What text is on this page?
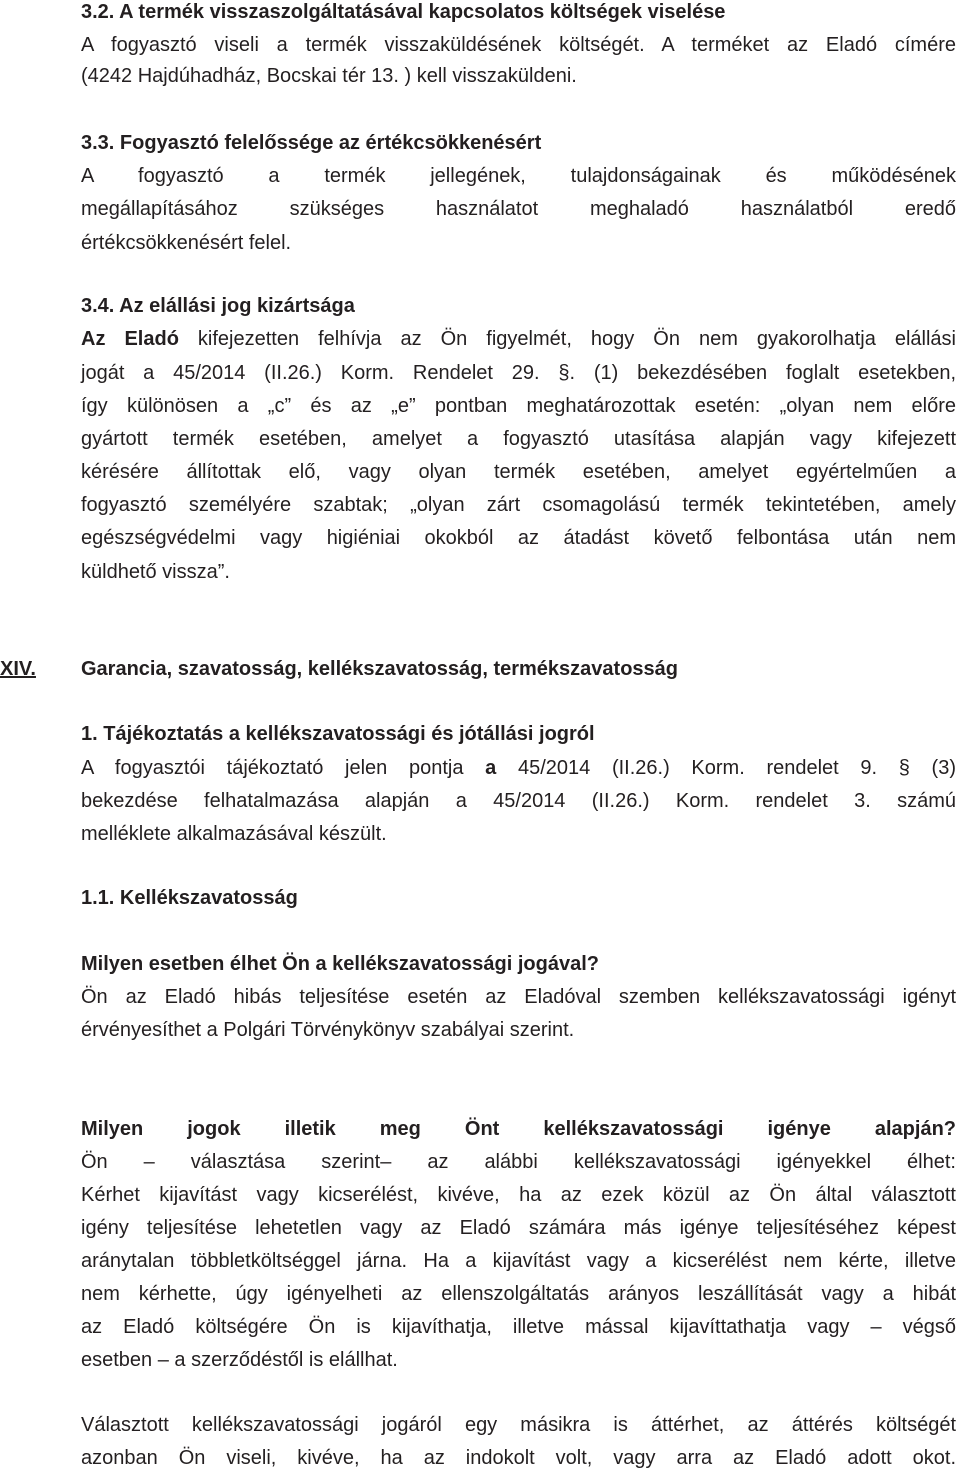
3.2. A termék visszaszolgáltatásával kapcsolatos költségek viselése
A fogyasztó viseli a termék visszaküldésének költségét. A terméket az Eladó címére
(4242 Hajdúhadház, Bocskai tér 13. ) kell visszaküldeni.
3.3. Fogyasztó felelőssége az értékcsökkenésért
A fogyasztó a termék jellegének, tulajdonságainak és működésének
megállapításához szükséges használatot meghaladó használatból eredő
értékcsökkenésért felel.
3.4. Az elállási jog kizártsága
Az Eladó kifejezetten felhívja az Ön figyelmét, hogy Ön nem gyakorolhatja elállási
jogát a 45/2014 (II.26.) Korm. Rendelet 29. §. (1) bekezdésében foglalt esetekben,
így különösen a „c” és az „e” pontban meghatározottak esetén: „olyan nem előre
gyártott termék esetében, amelyet a fogyasztó utasítása alapján vagy kifejezett
kérésére állítottak elő, vagy olyan termék esetében, amelyet egyértelműen a
fogyasztó személyére szabtak; „olyan zárt csomagolású termék tekintetében, amely
egészségvédelmi vagy higiéniai okokból az átadást követő felbontása után nem
küldhető vissza”.
XIV. Garancia, szavatosság, kellékszavatosság, termékszavatosság
1. Tájékoztatás a kellékszavatossági és jótállási jogról
A fogyasztói tájékoztató jelen pontja a 45/2014 (II.26.) Korm. rendelet 9. § (3)
bekezdése felhatalmazása alapján a 45/2014 (II.26.) Korm. rendelet 3. számú
melléklete alkalmazásával készült.
1.1. Kellékszavatosság
Milyen esetben élhet Ön a kellékszavatossági jogával?
Ön az Eladó hibás teljesítése esetén az Eladóval szemben kellékszavatossági igényt
érvényesíthet a Polgári Törvénykönyv szabályai szerint.
Milyen jogok illetik meg Önt kellékszavatossági igénye alapján?
Ön – választása szerint– az alábbi kellékszavatossági igényekkel élhet:
Kérhet kijavítást vagy kicserélést, kivéve, ha az ezek közül az Ön által választott
igény teljesítése lehetetlen vagy az Eladó számára más igénye teljesítéséhez képest
aránytalan többletköltséggel járna. Ha a kijavítást vagy a kicserélést nem kérte, illetve
nem kérhette, úgy igényelheti az ellenszolgáltatás arányos leszállítását vagy a hibát
az Eladó költségére Ön is kijavíthatja, illetve mással kijavíttathatja vagy – végső
esetben – a szerződéstől is elállhat.
Választott kellékszavatossági jogáról egy másikra is áttérhet, az áttérés költségét
azonban Ön viseli, kivéve, ha az indokolt volt, vagy arra az Eladó adott okot.
